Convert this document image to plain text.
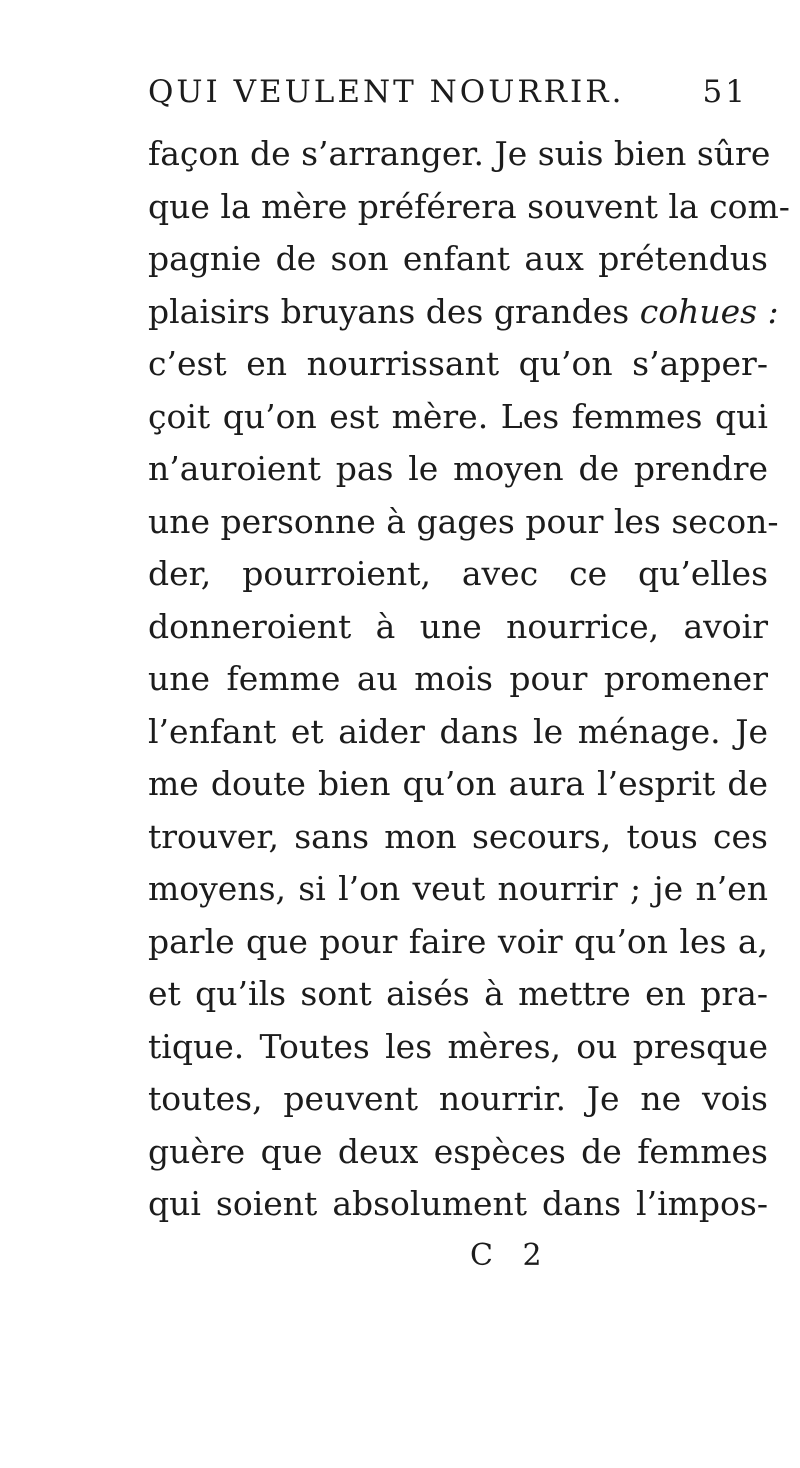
QUI VEULENT NOURRIR.	51
façon de s’arranger. Je suis bien sûre
que la mère préférera souvent la com-
pagnie de son enfant aux prétendus
plaisirs bruyans des grandes cohues :
c’est en nourrissant qu’on s’apper-
çoit qu’on est mère. Les femmes qui
n’auroient pas le moyen de prendre
une personne à gages pour les secon-
der, pourroient, avec ce qu’elles
donneroient à une nourrice, avoir
une femme au mois pour promener
l’enfant et aider dans le ménage. Je
me doute bien qu’on aura l’esprit de
trouver, sans mon secours, tous ces
moyens, si l’on veut nourrir ; je n’en
parle que pour faire voir qu’on les a,
et qu’ils sont aisés à mettre en pra-
tique. Toutes les mères, ou presque
toutes, peuvent nourrir. Je ne vois
guère que deux espèces de femmes
qui soient absolument dans l’impos-
C 2
